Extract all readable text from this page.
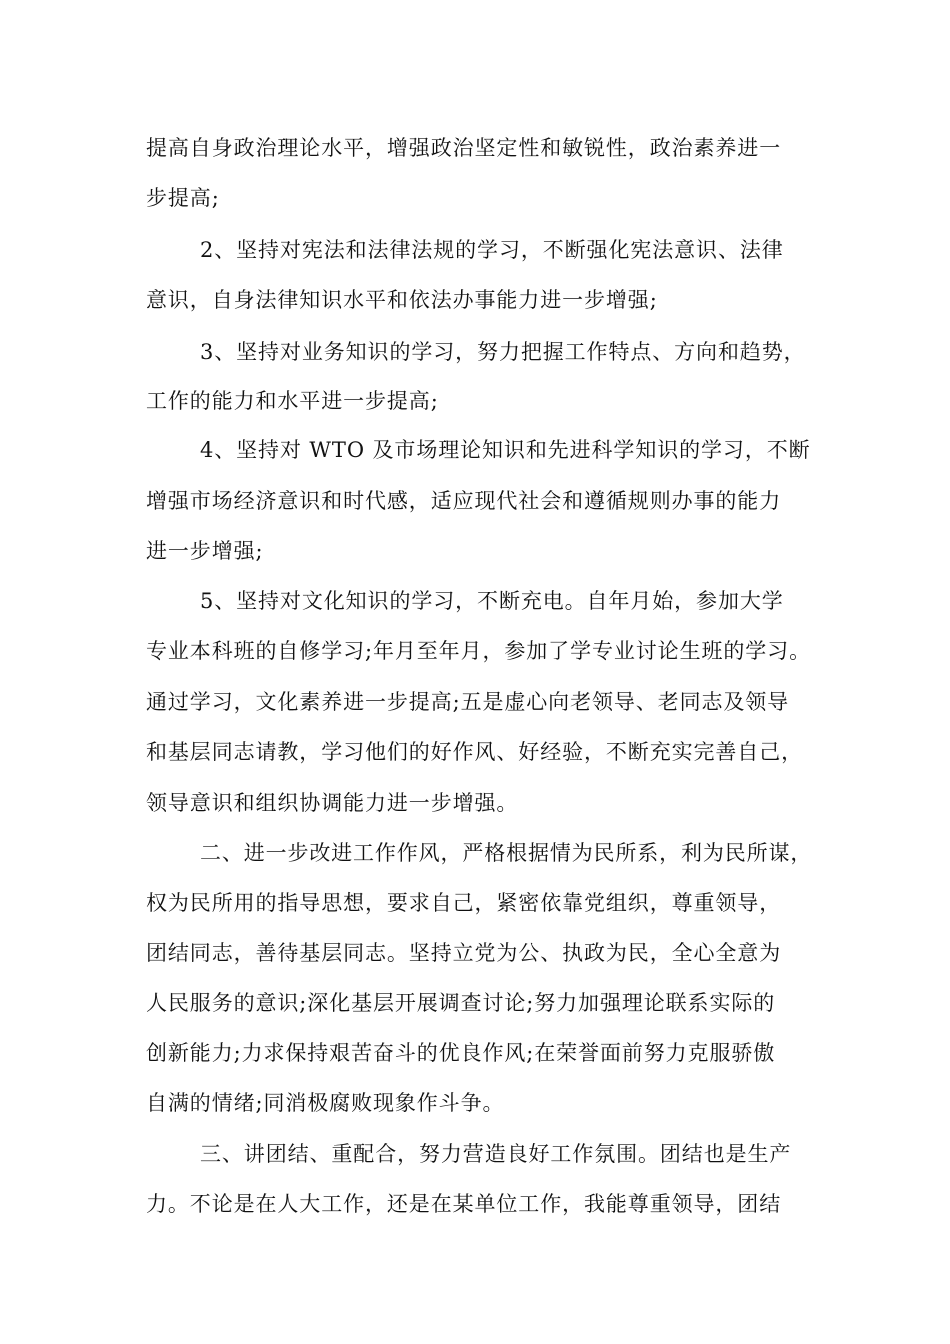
提高自身政治理论水平，增强政治坚定性和敏锐性，政治素养进一
步提高;
2、坚持对宪法和法律法规的学习，不断强化宪法意识、法律
意识，自身法律知识水平和依法办事能力进一步增强;
3、坚持对业务知识的学习，努力把握工作特点、方向和趋势，
工作的能力和水平进一步提高;
4、坚持对 WTO 及市场理论知识和先进科学知识的学习，不断
增强市场经济意识和时代感，适应现代社会和遵循规则办事的能力
进一步增强;
5、坚持对文化知识的学习，不断充电。自年月始，参加大学
专业本科班的自修学习;年月至年月，参加了学专业讨论生班的学习。
通过学习，文化素养进一步提高;五是虚心向老领导、老同志及领导
和基层同志请教，学习他们的好作风、好经验，不断充实完善自己，
领导意识和组织协调能力进一步增强。
二、进一步改进工作作风，严格根据情为民所系，利为民所谋，
权为民所用的指导思想，要求自己，紧密依靠党组织，尊重领导，
团结同志，善待基层同志。坚持立党为公、执政为民，全心全意为
人民服务的意识;深化基层开展调查讨论;努力加强理论联系实际的
创新能力;力求保持艰苦奋斗的优良作风;在荣誉面前努力克服骄傲
自满的情绪;同消极腐败现象作斗争。
三、讲团结、重配合，努力营造良好工作氛围。团结也是生产
力。不论是在人大工作，还是在某单位工作，我能尊重领导，团结
